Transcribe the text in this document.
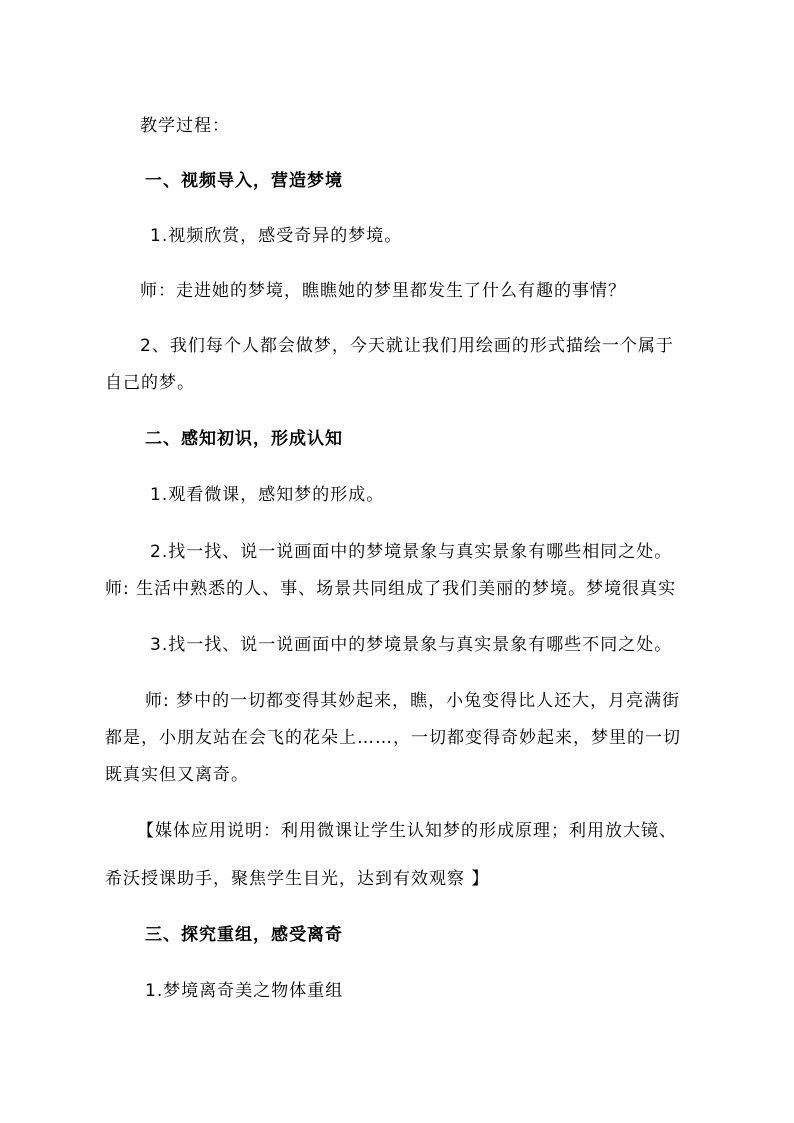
教学过程：
一、视频导入，营造梦境
1.视频欣赏，感受奇异的梦境。
师：走进她的梦境，瞧瞧她的梦里都发生了什么有趣的事情？
2、我们每个人都会做梦，今天就让我们用绘画的形式描绘一个属于
自己的梦。
二、感知初识，形成认知
1.观看微课，感知梦的形成。
2.找一找、说一说画面中的梦境景象与真实景象有哪些相同之处。
师: 生活中熟悉的人、事、场景共同组成了我们美丽的梦境。梦境很真实
3.找一找、说一说画面中的梦境景象与真实景象有哪些不同之处。
师: 梦中的一切都变得其妙起来，瞧，小兔变得比人还大，月亮满街
都是，小朋友站在会飞的花朵上……，一切都变得奇妙起来，梦里的一切
既真实但又离奇。
【媒体应用说明：利用微课让学生认知梦的形成原理；利用放大镜、
希沃授课助手，聚焦学生目光，达到有效观察 】
三、探究重组，感受离奇
1.梦境离奇美之物体重组
